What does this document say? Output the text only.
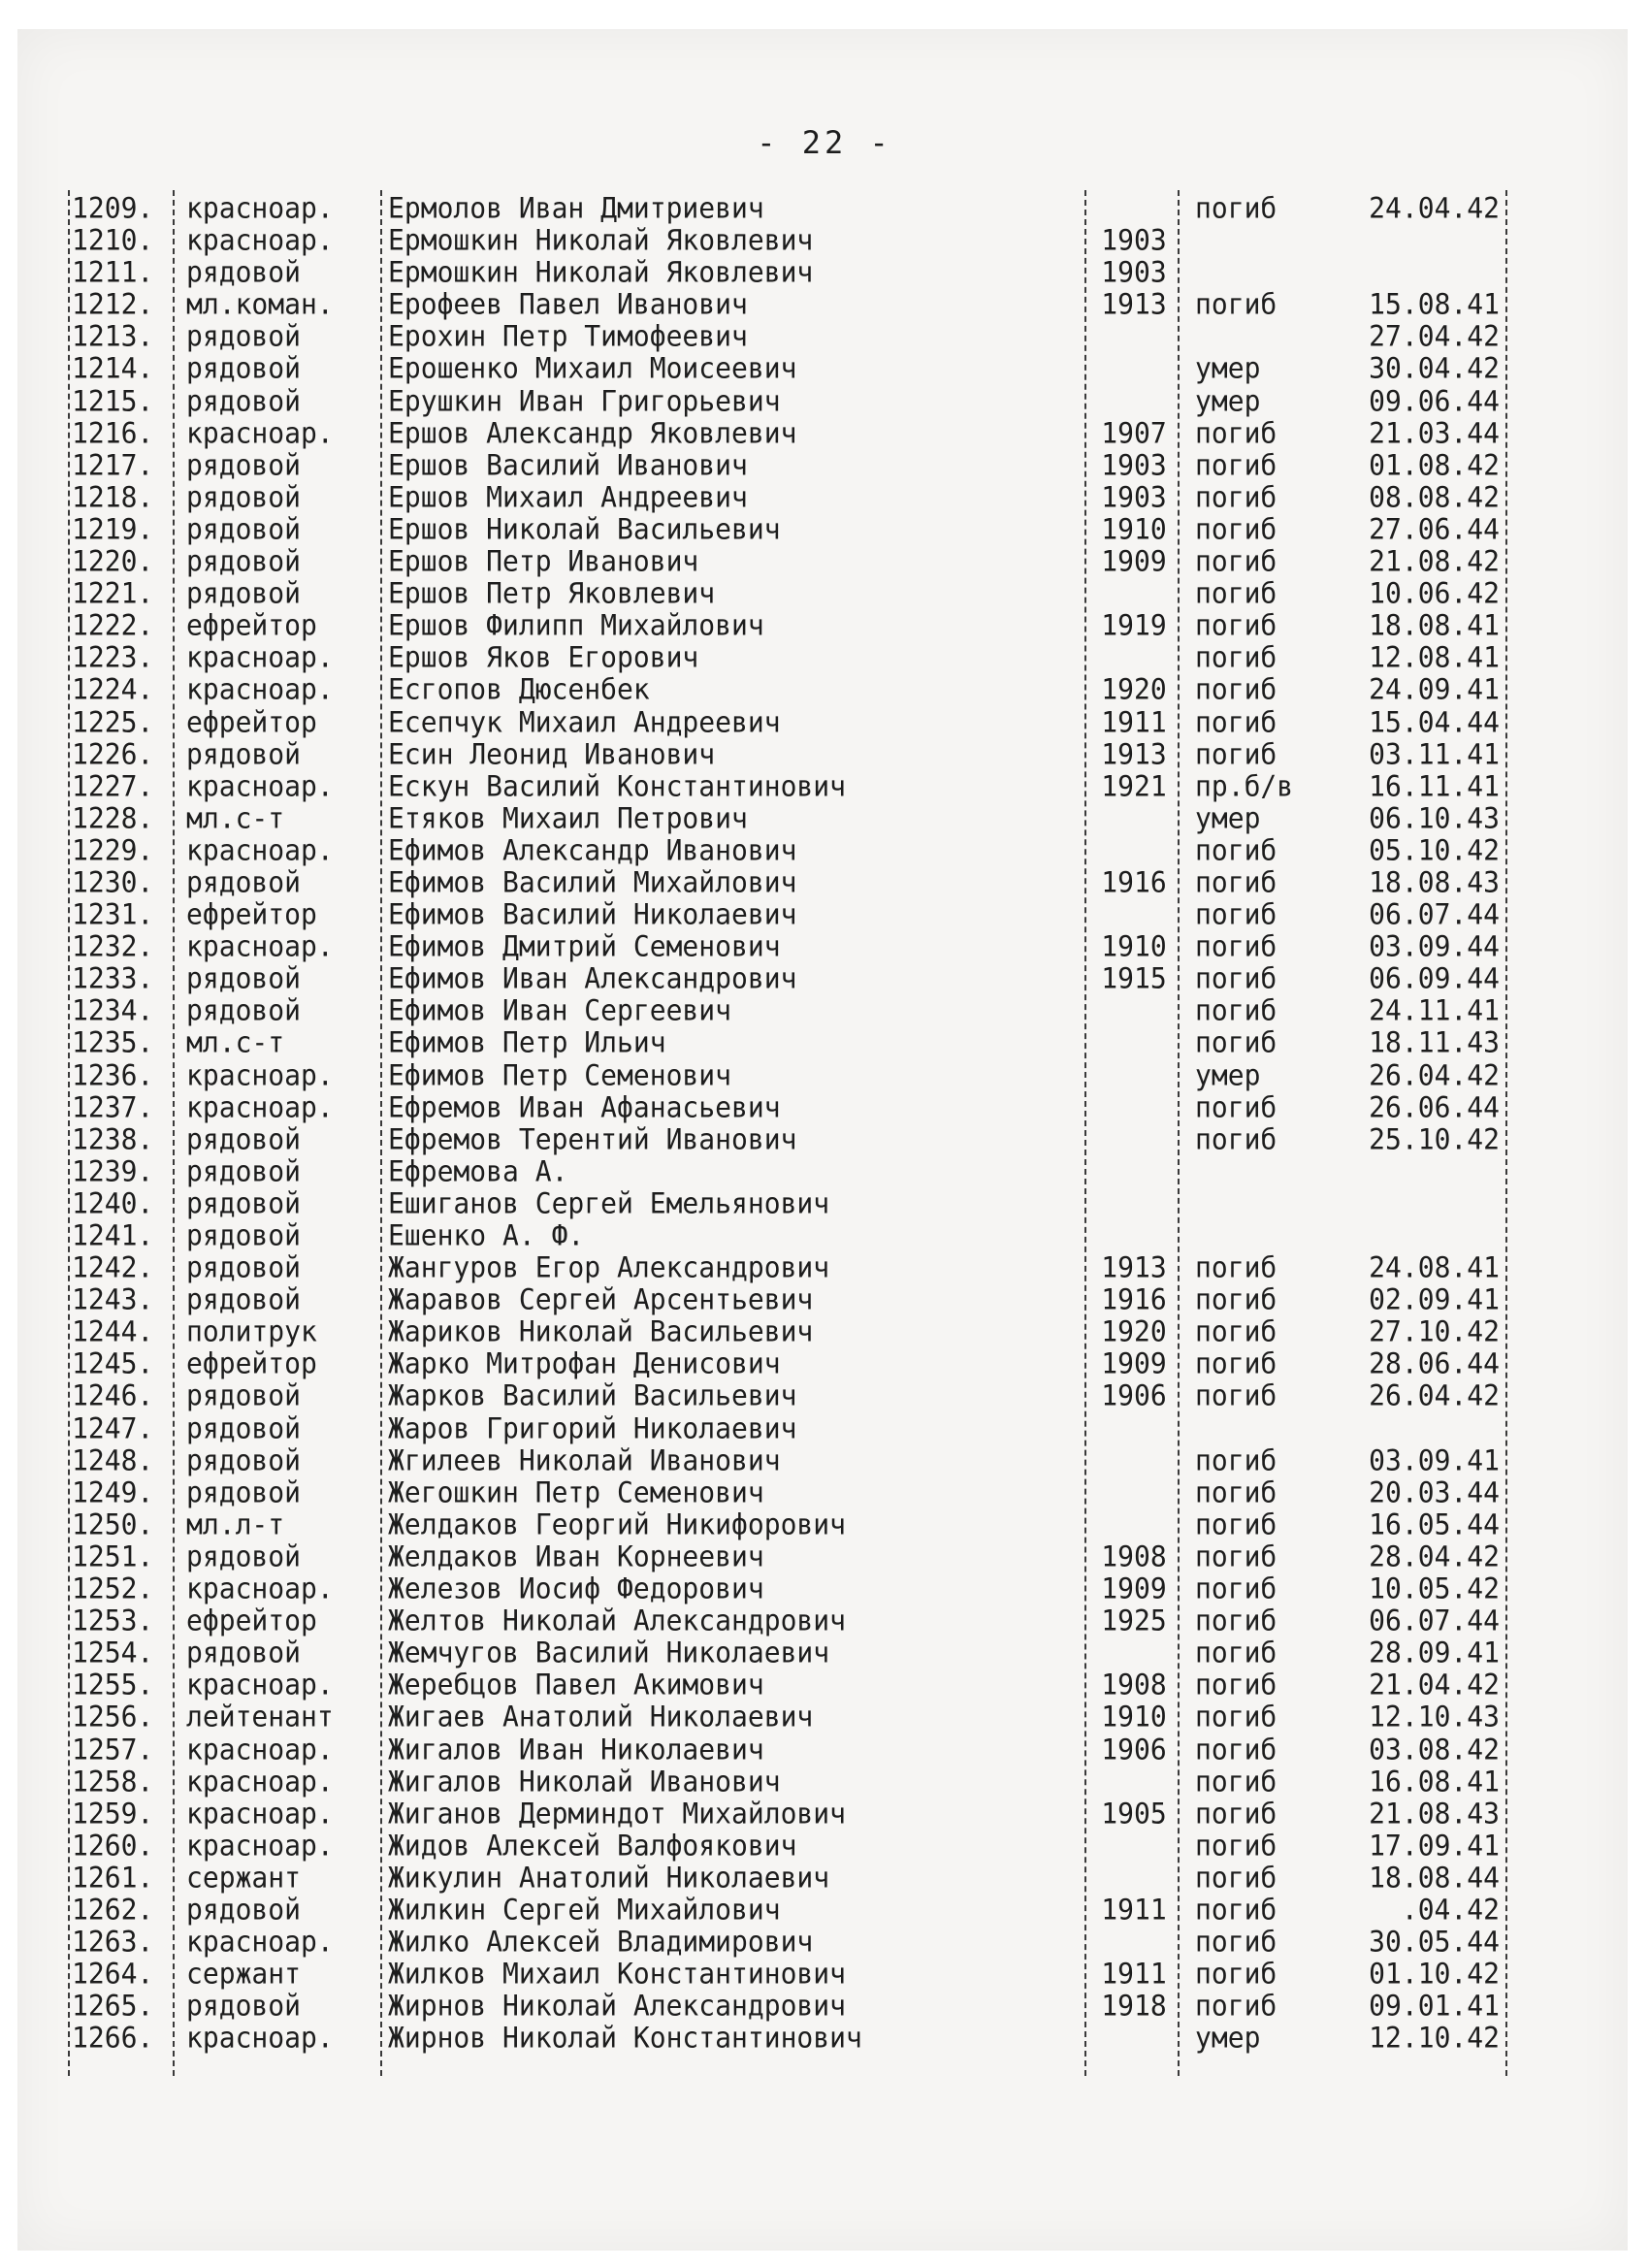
- 22 -
1209.	красноар.	Ермолов Иван Дмитриевич	погиб	24.04.42
1210.	красноар.	Ермошкин Николай Яковлевич	1903
1211.	рядовой	Ермошкин Николай Яковлевич	1903
1212.	мл.коман.	Ерофеев Павел Иванович	1913	погиб	15.08.41
1213.	рядовой	Ерохин Петр Тимофеевич	27.04.42
1214.	рядовой	Ерошенко Михаил Моисеевич	умер	30.04.42
1215.	рядовой	Ерушкин Иван Григорьевич	умер	09.06.44
1216.	красноар.	Ершов Александр Яковлевич	1907	погиб	21.03.44
1217.	рядовой	Ершов Василий Иванович	1903	погиб	01.08.42
1218.	рядовой	Ершов Михаил Андреевич	1903	погиб	08.08.42
1219.	рядовой	Ершов Николай Васильевич	1910	погиб	27.06.44
1220.	рядовой	Ершов Петр Иванович	1909	погиб	21.08.42
1221.	рядовой	Ершов Петр Яковлевич	погиб	10.06.42
1222.	ефрейтор	Ершов Филипп Михайлович	1919	погиб	18.08.41
1223.	красноар.	Ершов Яков Егорович	погиб	12.08.41
1224.	красноар.	Есгопов Дюсенбек	1920	погиб	24.09.41
1225.	ефрейтор	Есепчук Михаил Андреевич	1911	погиб	15.04.44
1226.	рядовой	Есин Леонид Иванович	1913	погиб	03.11.41
1227.	красноар.	Ескун Василий Константинович	1921	пр.б/в	16.11.41
1228.	мл.с-т	Етяков Михаил Петрович	умер	06.10.43
1229.	красноар.	Ефимов Александр Иванович	погиб	05.10.42
1230.	рядовой	Ефимов Василий Михайлович	1916	погиб	18.08.43
1231.	ефрейтор	Ефимов Василий Николаевич	погиб	06.07.44
1232.	красноар.	Ефимов Дмитрий Семенович	1910	погиб	03.09.44
1233.	рядовой	Ефимов Иван Александрович	1915	погиб	06.09.44
1234.	рядовой	Ефимов Иван Сергеевич	погиб	24.11.41
1235.	мл.с-т	Ефимов Петр Ильич	погиб	18.11.43
1236.	красноар.	Ефимов Петр Семенович	умер	26.04.42
1237.	красноар.	Ефремов Иван Афанасьевич	погиб	26.06.44
1238.	рядовой	Ефремов Терентий Иванович	погиб	25.10.42
1239.	рядовой	Ефремова А.
1240.	рядовой	Ешиганов Сергей Емельянович
1241.	рядовой	Ешенко А. Ф.
1242.	рядовой	Жангуров Егор Александрович	1913	погиб	24.08.41
1243.	рядовой	Жаравов Сергей Арсентьевич	1916	погиб	02.09.41
1244.	политрук	Жариков Николай Васильевич	1920	погиб	27.10.42
1245.	ефрейтор	Жарко Митрофан Денисович	1909	погиб	28.06.44
1246.	рядовой	Жарков Василий Васильевич	1906	погиб	26.04.42
1247.	рядовой	Жаров Григорий Николаевич
1248.	рядовой	Жгилеев Николай Иванович	погиб	03.09.41
1249.	рядовой	Жегошкин Петр Семенович	погиб	20.03.44
1250.	мл.л-т	Желдаков Георгий Никифорович	погиб	16.05.44
1251.	рядовой	Желдаков Иван Корнеевич	1908	погиб	28.04.42
1252.	красноар.	Железов Иосиф Федорович	1909	погиб	10.05.42
1253.	ефрейтор	Желтов Николай Александрович	1925	погиб	06.07.44
1254.	рядовой	Жемчугов Василий Николаевич	погиб	28.09.41
1255.	красноар.	Жеребцов Павел Акимович	1908	погиб	21.04.42
1256.	лейтенант	Жигаев Анатолий Николаевич	1910	погиб	12.10.43
1257.	красноар.	Жигалов Иван Николаевич	1906	погиб	03.08.42
1258.	красноар.	Жигалов Николай Иванович	погиб	16.08.41
1259.	красноар.	Жиганов Дерминдот Михайлович	1905	погиб	21.08.43
1260.	красноар.	Жидов Алексей Валфоякович	погиб	17.09.41
1261.	сержант	Жикулин Анатолий Николаевич	погиб	18.08.44
1262.	рядовой	Жилкин Сергей Михайлович	1911	погиб	.04.42
1263.	красноар.	Жилко Алексей Владимирович	погиб	30.05.44
1264.	сержант	Жилков Михаил Константинович	1911	погиб	01.10.42
1265.	рядовой	Жирнов Николай Александрович	1918	погиб	09.01.41
1266.	красноар.	Жирнов Николай Константинович	умер	12.10.42
